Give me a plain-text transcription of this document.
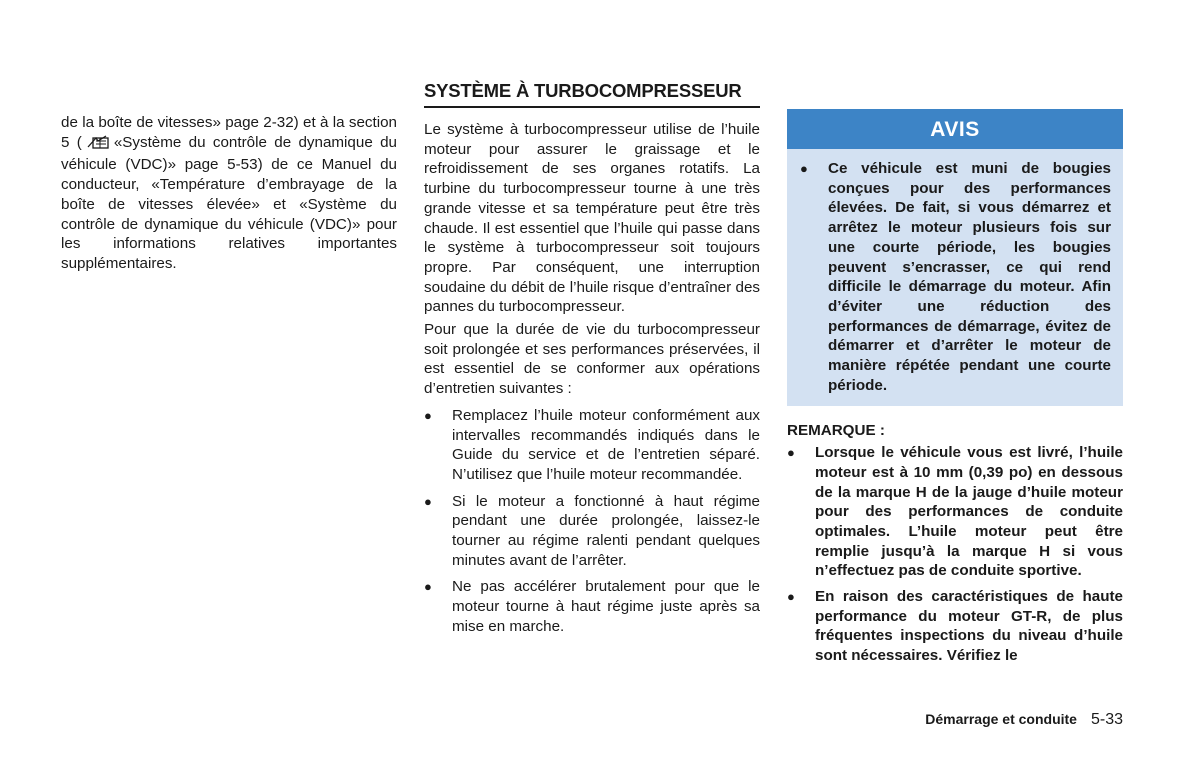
de la boîte de vitesses» page 2-32) et à la section 5 ( «Système du contrôle de dynamique du véhicule (VDC)» page 5-53) de ce Manuel du conducteur, «Température d’embrayage de la boîte de vitesses élevée» et «Système du contrôle de dynamique du véhicule (VDC)» pour les informations relatives importantes supplémentaires.

SYSTÈME À TURBOCOMPRESSEUR

Le système à turbocompresseur utilise de l’huile moteur pour assurer le graissage et le refroidissement de ses organes rotatifs. La turbine du turbocompresseur tourne à une très grande vitesse et sa température peut être très chaude. Il est essentiel que l’huile qui passe dans le système à turbocompresseur soit toujours propre. Par conséquent, une interruption soudaine du débit de l’huile risque d’entraîner des pannes du turbocompresseur.

Pour que la durée de vie du turbocompresseur soit prolongée et ses performances préservées, il est essentiel de se conformer aux opérations d’entretien suivantes :

● Remplacez l’huile moteur conformément aux intervalles recommandés indiqués dans le Guide du service et de l’entretien séparé. N’utilisez que l’huile moteur recommandée.
● Si le moteur a fonctionné à haut régime pendant une durée prolongée, laissez-le tourner au régime ralenti pendant quelques minutes avant de l’arrêter.
● Ne pas accélérer brutalement pour que le moteur tourne à haut régime juste après sa mise en marche.
AVIS
● Ce véhicule est muni de bougies conçues pour des performances élevées. De fait, si vous démarrez et arrêtez le moteur plusieurs fois sur une courte période, les bougies peuvent s’encrasser, ce qui rend difficile le démarrage du moteur. Afin d’éviter une réduction des performances de démarrage, évitez de démarrer et d’arrêter le moteur de manière répétée pendant une courte période.

REMARQUE :

● Lorsque le véhicule vous est livré, l’huile moteur est à 10 mm (0,39 po) en dessous de la marque H de la jauge d’huile moteur pour des performances de conduite optimales. L’huile moteur peut être remplie jusqu’à la marque H si vous n’effectuez pas de conduite sportive.
● En raison des caractéristiques de haute performance du moteur GT-R, de plus fréquentes inspections du niveau d’huile sont nécessaires. Vérifiez le
Démarrage et conduite 5-33
